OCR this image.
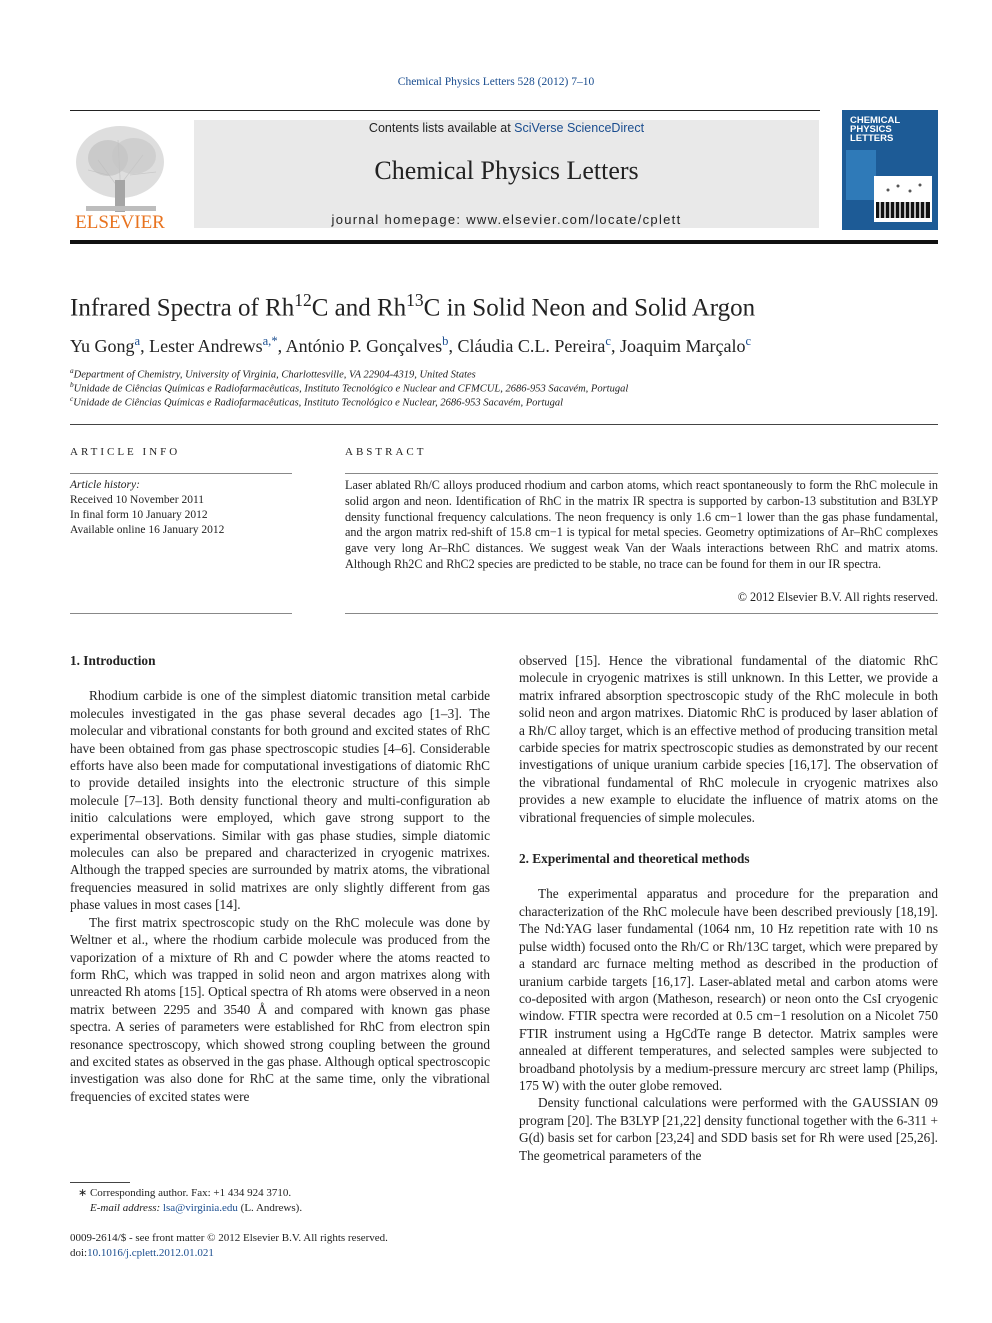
Chemical Physics Letters 528 (2012) 7–10
ELSEVIER
Contents lists available at SciVerse ScienceDirect
Chemical Physics Letters
journal homepage: www.elsevier.com/locate/cplett
CHEMICAL PHYSICS LETTERS
Infrared Spectra of Rh$^{12}$C and Rh$^{13}$C in Solid Neon and Solid Argon
Yu Gong$^a$, Lester Andrews$^{a,*}$, António P. Gonçalves$^b$, Cláudia C.L. Pereira$^c$, Joaquim Marçalo$^c$
$^a$Department of Chemistry, University of Virginia, Charlottesville, VA 22904-4319, United States
$^b$Unidade de Ciências Químicas e Radiofarmacêuticas, Instituto Tecnológico e Nuclear and CFMCUL, 2686-953 Sacavém, Portugal
$^c$Unidade de Ciências Químicas e Radiofarmacêuticas, Instituto Tecnológico e Nuclear, 2686-953 Sacavém, Portugal
ARTICLE INFO
Article history:
Received 10 November 2011
In final form 10 January 2012
Available online 16 January 2012
ABSTRACT
Laser ablated Rh/C alloys produced rhodium and carbon atoms, which react spontaneously to form the RhC molecule in solid argon and neon. Identification of RhC in the matrix IR spectra is supported by carbon-13 substitution and B3LYP density functional frequency calculations. The neon frequency is only 1.6 cm−1 lower than the gas phase fundamental, and the argon matrix red-shift of 15.8 cm−1 is typical for metal species. Geometry optimizations of Ar–RhC complexes gave very long Ar–RhC distances. We suggest weak Van der Waals interactions between RhC and matrix atoms. Although Rh2C and RhC2 species are predicted to be stable, no trace can be found for them in our IR spectra.
© 2012 Elsevier B.V. All rights reserved.
1. Introduction

Rhodium carbide is one of the simplest diatomic transition metal carbide molecules investigated in the gas phase several decades ago [1–3]. The molecular and vibrational constants for both ground and excited states of RhC have been obtained from gas phase spectroscopic studies [4–6]. Considerable efforts have also been made for computational investigations of diatomic RhC to provide detailed insights into the electronic structure of this simple molecule [7–13]. Both density functional theory and multi-configuration ab initio calculations were employed, which gave strong support to the experimental observations. Similar with gas phase studies, simple diatomic molecules can also be prepared and characterized in cryogenic matrixes. Although the trapped species are surrounded by matrix atoms, the vibrational frequencies measured in solid matrixes are only slightly different from gas phase values in most cases [14].

The first matrix spectroscopic study on the RhC molecule was done by Weltner et al., where the rhodium carbide molecule was produced from the vaporization of a mixture of Rh and C powder where the atoms reacted to form RhC, which was trapped in solid neon and argon matrixes along with unreacted Rh atoms [15]. Optical spectra of Rh atoms were observed in a neon matrix between 2295 and 3540 Å and compared with known gas phase spectra. A series of parameters were established for RhC from electron spin resonance spectroscopy, which showed strong coupling between the ground and excited states as observed in the gas phase. Although optical spectroscopic investigation was also done for RhC at the same time, only the vibrational frequencies of excited states were

observed [15]. Hence the vibrational fundamental of the diatomic RhC molecule in cryogenic matrixes is still unknown. In this Letter, we provide a matrix infrared absorption spectroscopic study of the RhC molecule in both solid neon and argon matrixes. Diatomic RhC is produced by laser ablation of a Rh/C alloy target, which is an effective method of producing transition metal carbide species for matrix spectroscopic studies as demonstrated by our recent investigations of unique uranium carbide species [16,17]. The observation of the vibrational fundamental of RhC molecule in cryogenic matrixes also provides a new example to elucidate the influence of matrix atoms on the vibrational frequencies of simple molecules.

2. Experimental and theoretical methods

The experimental apparatus and procedure for the preparation and characterization of the RhC molecule have been described previously [18,19]. The Nd:YAG laser fundamental (1064 nm, 10 Hz repetition rate with 10 ns pulse width) focused onto the Rh/C or Rh/13C target, which were prepared by a standard arc furnace melting method as described in the production of uranium carbide targets [16,17]. Laser-ablated metal and carbon atoms were co-deposited with argon (Matheson, research) or neon onto the CsI cryogenic window. FTIR spectra were recorded at 0.5 cm−1 resolution on a Nicolet 750 FTIR instrument using a HgCdTe range B detector. Matrix samples were annealed at different temperatures, and selected samples were subjected to broadband photolysis by a medium-pressure mercury arc street lamp (Philips, 175 W) with the outer globe removed.

Density functional calculations were performed with the GAUSSIAN 09 program [20]. The B3LYP [21,22] density functional together with the 6-311 + G(d) basis set for carbon [23,24] and SDD basis set for Rh were used [25,26]. The geometrical parameters of the

∗ Corresponding author. Fax: +1 434 924 3710.
E-mail address: lsa@virginia.edu (L. Andrews).
0009-2614/$ - see front matter © 2012 Elsevier B.V. All rights reserved.
doi:10.1016/j.cplett.2012.01.021
